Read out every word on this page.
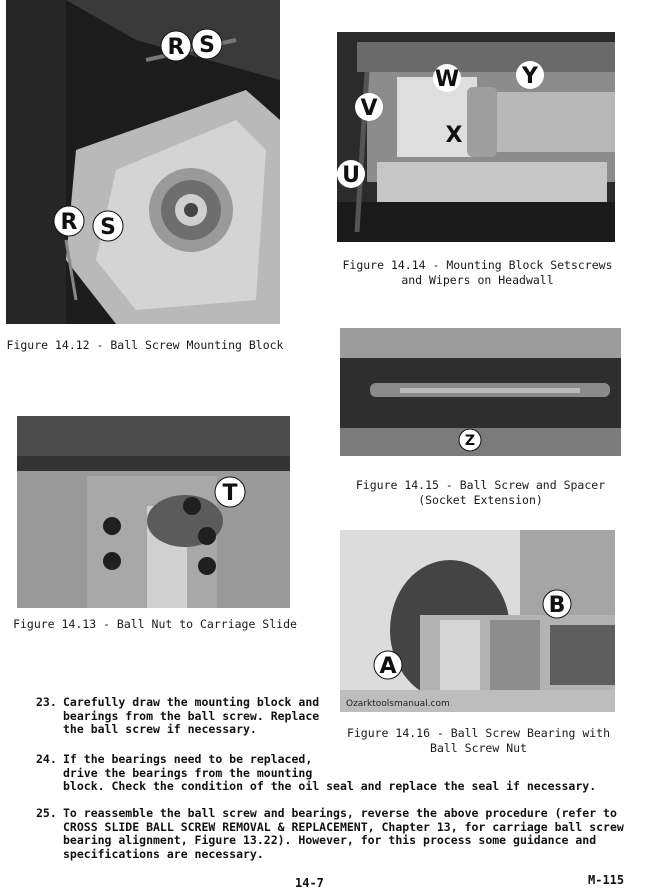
R S
R S
Figure 14.12 - Ball Screw Mounting Block
W	Y
V
X
U
Figure 14.14 - Mounting Block Setscrews
and Wipers on Headwall
Z
Figure 14.15 - Ball Screw and Spacer
(Socket Extension)
T
Figure 14.13 - Ball Nut to Carriage Slide
B
A
Ozarktoolsmanual.com
Figure 14.16 - Ball Screw Bearing with
Ball Screw Nut
23. Carefully draw the mounting block and
bearings from the ball screw. Replace
the ball screw if necessary.
24. If the bearings need to be replaced,
drive the bearings from the mounting
block. Check the condition of the oil seal and replace the seal if necessary.
25. To reassemble the ball screw and bearings, reverse the above procedure (refer to
CROSS SLIDE BALL SCREW REMOVAL & REPLACEMENT, Chapter 13, for carriage ball screw
bearing alignment, Figure 13.22). However, for this process some guidance and
specifications are necessary.
14-7	M-115
